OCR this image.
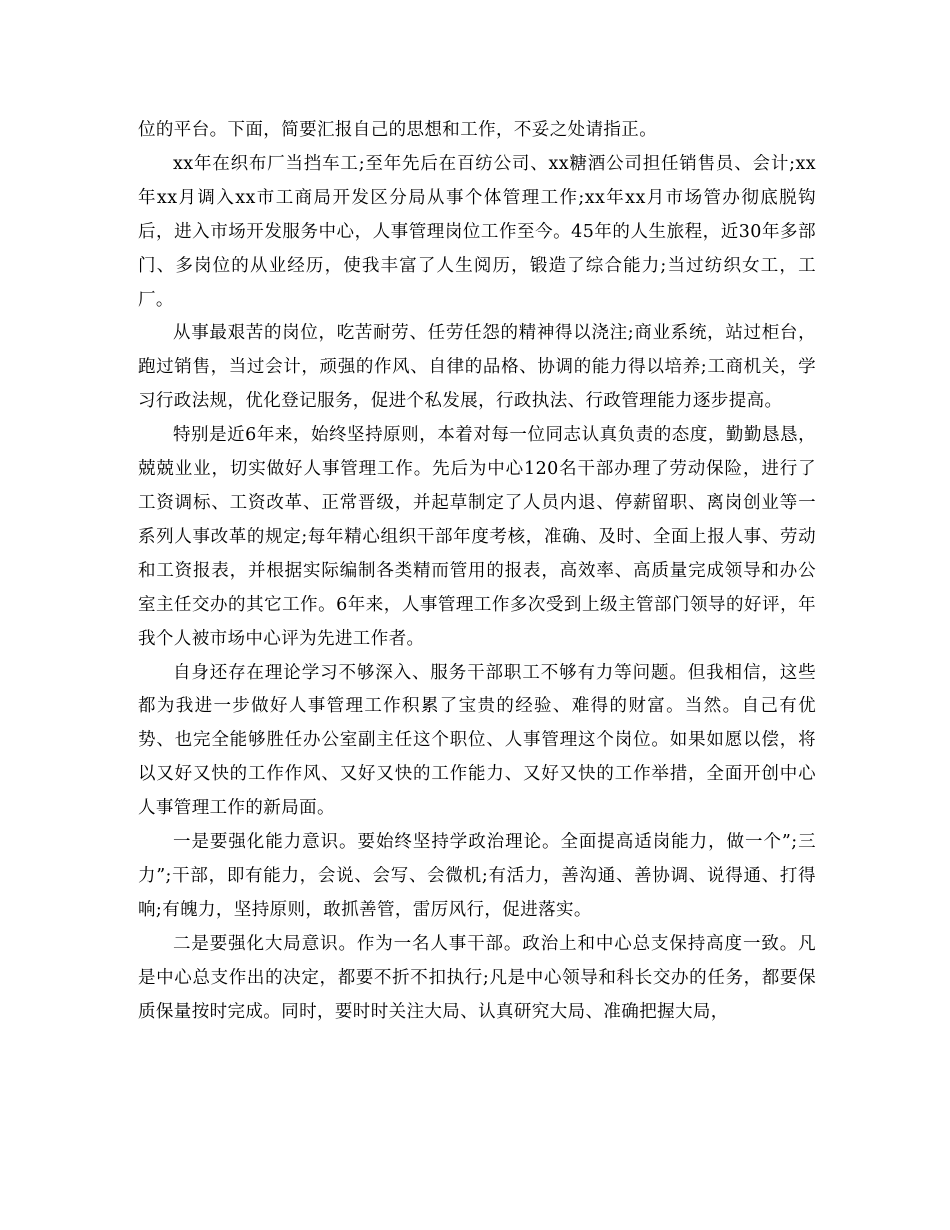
位的平台。下面，简要汇报自己的思想和工作，不妥之处请指正。

xx年在织布厂当挡车工;至年先后在百纺公司、xx糖酒公司担任销售员、会计;xx年xx月调入xx市工商局开发区分局从事个体管理工作;xx年xx月市场管办彻底脱钩后，进入市场开发服务中心，人事管理岗位工作至今。45年的人生旅程，近30年多部门、多岗位的从业经历，使我丰富了人生阅历，锻造了综合能力;当过纺织女工，工厂。

从事最艰苦的岗位，吃苦耐劳、任劳任怨的精神得以浇注;商业系统，站过柜台，跑过销售，当过会计，顽强的作风、自律的品格、协调的能力得以培养;工商机关，学习行政法规，优化登记服务，促进个私发展，行政执法、行政管理能力逐步提高。

特别是近6年来，始终坚持原则，本着对每一位同志认真负责的态度，勤勤恳恳，兢兢业业，切实做好人事管理工作。先后为中心120名干部办理了劳动保险，进行了工资调标、工资改革、正常晋级，并起草制定了人员内退、停薪留职、离岗创业等一系列人事改革的规定;每年精心组织干部年度考核，准确、及时、全面上报人事、劳动和工资报表，并根据实际编制各类精而管用的报表，高效率、高质量完成领导和办公室主任交办的其它工作。6年来，人事管理工作多次受到上级主管部门领导的好评，年我个人被市场中心评为先进工作者。

自身还存在理论学习不够深入、服务干部职工不够有力等问题。但我相信，这些都为我进一步做好人事管理工作积累了宝贵的经验、难得的财富。当然。自己有优势、也完全能够胜任办公室副主任这个职位、人事管理这个岗位。如果如愿以偿，将以又好又快的工作作风、又好又快的工作能力、又好又快的工作举措，全面开创中心人事管理工作的新局面。

一是要强化能力意识。要始终坚持学政治理论。全面提高适岗能力，做一个”;三力”;干部，即有能力，会说、会写、会微机;有活力，善沟通、善协调、说得通、打得响;有魄力，坚持原则，敢抓善管，雷厉风行，促进落实。

二是要强化大局意识。作为一名人事干部。政治上和中心总支保持高度一致。凡是中心总支作出的决定，都要不折不扣执行;凡是中心领导和科长交办的任务，都要保质保量按时完成。同时，要时时关注大局、认真研究大局、准确把握大局，
